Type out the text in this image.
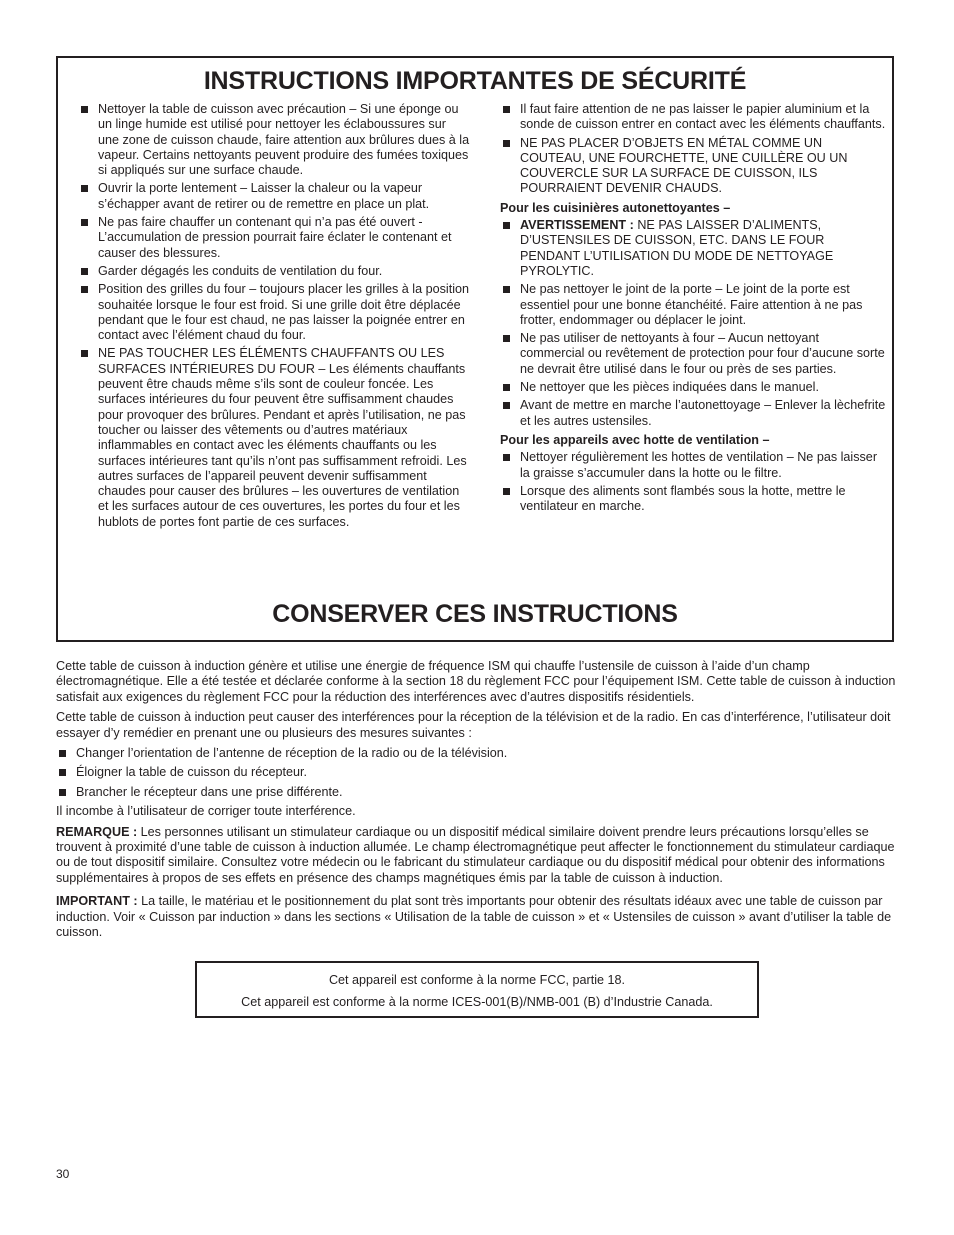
INSTRUCTIONS IMPORTANTES DE SÉCURITÉ
Nettoyer la table de cuisson avec précaution – Si une éponge ou un linge humide est utilisé pour nettoyer les éclaboussures sur une zone de cuisson chaude, faire attention aux brûlures dues à la vapeur. Certains nettoyants peuvent produire des fumées toxiques si appliqués sur une surface chaude.
Ouvrir la porte lentement – Laisser la chaleur ou la vapeur s’échapper avant de retirer ou de remettre en place un plat.
Ne pas faire chauffer un contenant qui n’a pas été ouvert - L’accumulation de pression pourrait faire éclater le contenant et causer des blessures.
Garder dégagés les conduits de ventilation du four.
Position des grilles du four – toujours placer les grilles à la position souhaitée lorsque le four est froid. Si une grille doit être déplacée pendant que le four est chaud, ne pas laisser la poignée entrer en contact avec l’élément chaud du four.
NE PAS TOUCHER LES ÉLÉMENTS CHAUFFANTS OU LES SURFACES INTÉRIEURES DU FOUR – Les éléments chauffants peuvent être chauds même s’ils sont de couleur foncée. Les surfaces intérieures du four peuvent être suffisamment chaudes pour provoquer des brûlures. Pendant et après l’utilisation, ne pas toucher ou laisser des vêtements ou d’autres matériaux inflammables en contact avec les éléments chauffants ou les surfaces intérieures tant qu’ils n’ont pas suffisamment refroidi. Les autres surfaces de l’appareil peuvent devenir suffisamment chaudes pour causer des brûlures – les ouvertures de ventilation et les surfaces autour de ces ouvertures, les portes du four et les hublots de portes font partie de ces surfaces.
Il faut faire attention de ne pas laisser le papier aluminium et la sonde de cuisson entrer en contact avec les éléments chauffants.
NE PAS PLACER D’OBJETS EN MÉTAL COMME UN COUTEAU, UNE FOURCHETTE, UNE CUILLÈRE OU UN COUVERCLE SUR LA SURFACE DE CUISSON, ILS POURRAIENT DEVENIR CHAUDS.
Pour les cuisinières autonettoyantes –
AVERTISSEMENT : NE PAS LAISSER D’ALIMENTS, D’USTENSILES DE CUISSON, ETC. DANS LE FOUR PENDANT L’UTILISATION DU MODE DE NETTOYAGE PYROLYTIC.
Ne pas nettoyer le joint de la porte – Le joint de la porte est essentiel pour une bonne étanchéité. Faire attention à ne pas frotter, endommager ou déplacer le joint.
Ne pas utiliser de nettoyants à four – Aucun nettoyant commercial ou revêtement de protection pour four d’aucune sorte ne devrait être utilisé dans le four ou près de ses parties.
Ne nettoyer que les pièces indiquées dans le manuel.
Avant de mettre en marche l’autonettoyage – Enlever la lèchefrite et les autres ustensiles.
Pour les appareils avec hotte de ventilation –
Nettoyer régulièrement les hottes de ventilation – Ne pas laisser la graisse s’accumuler dans la hotte ou le filtre.
Lorsque des aliments sont flambés sous la hotte, mettre le ventilateur en marche.
CONSERVER CES INSTRUCTIONS

Cette table de cuisson à induction génère et utilise une énergie de fréquence ISM qui chauffe l’ustensile de cuisson à l’aide d’un champ électromagnétique. Elle a été testée et déclarée conforme à la section 18 du règlement FCC pour l’équipement ISM. Cette table de cuisson à induction satisfait aux exigences du règlement FCC pour la réduction des interférences avec d’autres dispositifs résidentiels.

Cette table de cuisson à induction peut causer des interférences pour la réception de la télévision et de la radio. En cas d’interférence, l’utilisateur doit essayer d’y remédier en prenant une ou plusieurs des mesures suivantes :

Changer l’orientation de l’antenne de réception de la radio ou de la télévision.
Éloigner la table de cuisson du récepteur.
Brancher le récepteur dans une prise différente.

Il incombe à l’utilisateur de corriger toute interférence.

REMARQUE : Les personnes utilisant un stimulateur cardiaque ou un dispositif médical similaire doivent prendre leurs précautions lorsqu’elles se trouvent à proximité d’une table de cuisson à induction allumée. Le champ électromagnétique peut affecter le fonctionnement du stimulateur cardiaque ou de tout dispositif similaire. Consultez votre médecin ou le fabricant du stimulateur cardiaque ou du dispositif médical pour obtenir des informations supplémentaires à propos de ses effets en présence des champs magnétiques émis par la table de cuisson à induction.

IMPORTANT : La taille, le matériau et le positionnement du plat sont très importants pour obtenir des résultats idéaux avec une table de cuisson par induction. Voir « Cuisson par induction » dans les sections « Utilisation de la table de cuisson » et « Ustensiles de cuisson » avant d’utiliser la table de cuisson.

Cet appareil est conforme à la norme FCC, partie 18.
Cet appareil est conforme à la norme ICES-001(B)/NMB-001 (B) d’Industrie Canada.
30
